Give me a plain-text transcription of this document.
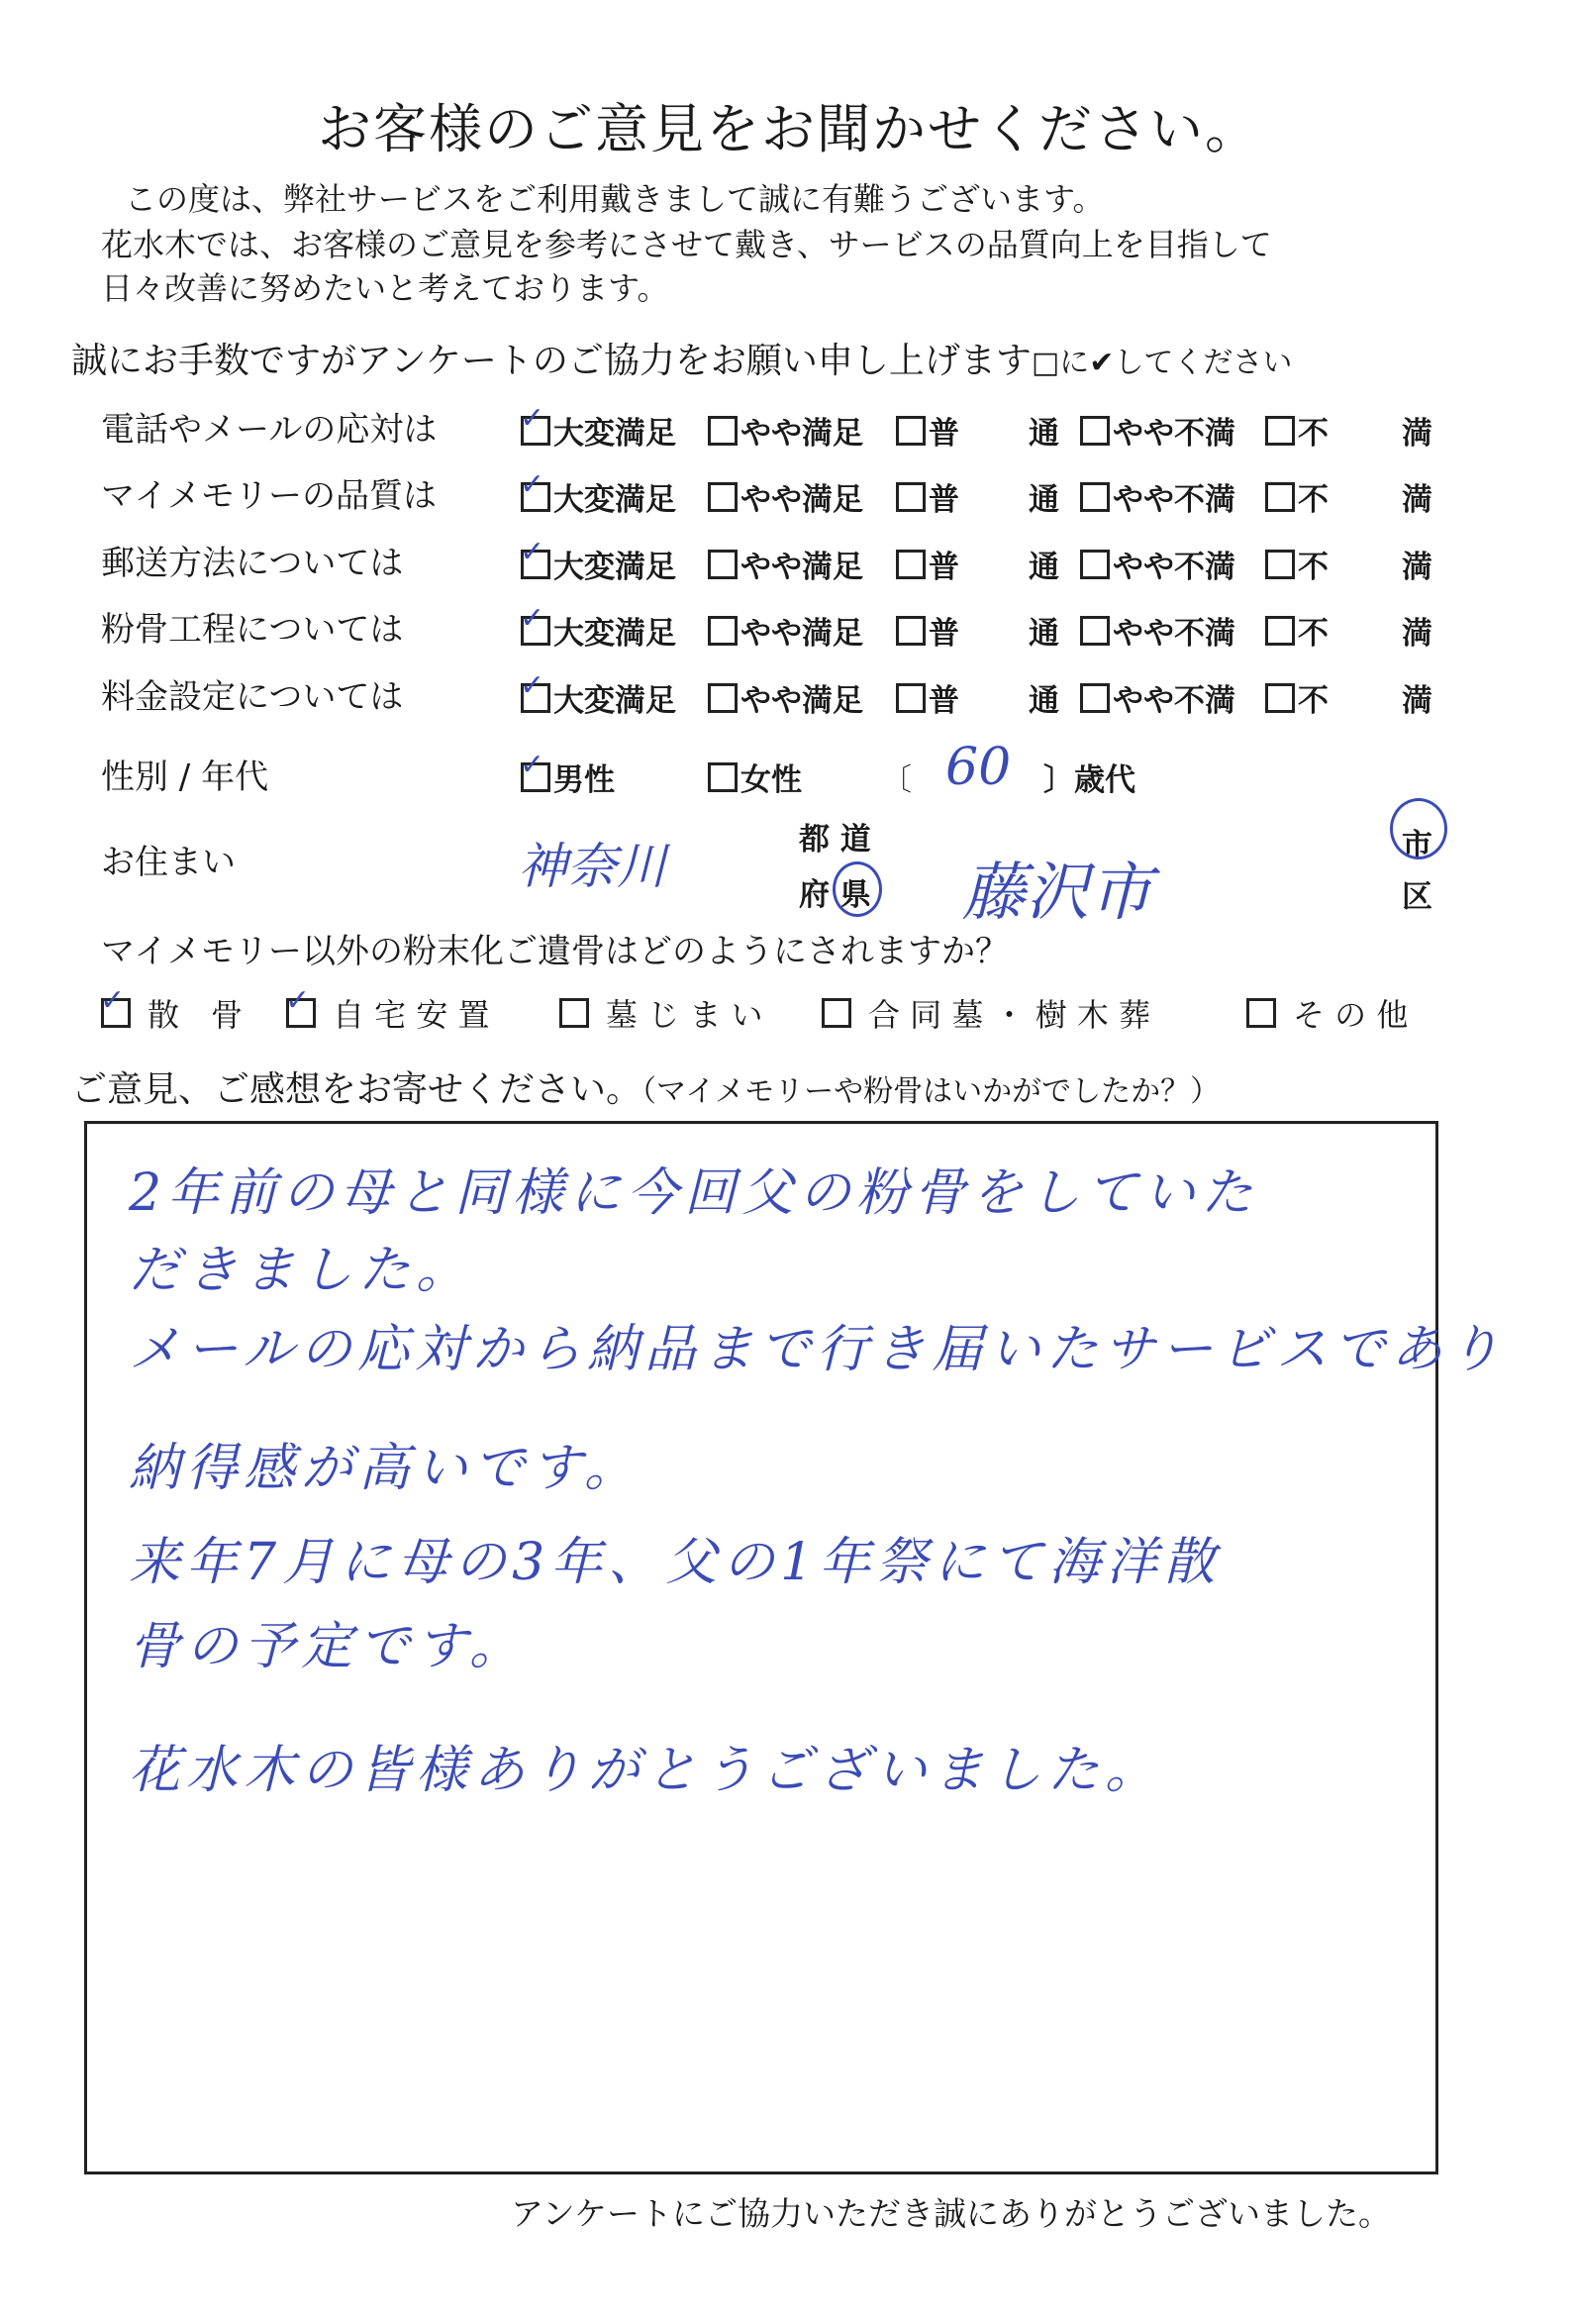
お客様のご意見をお聞かせください。
この度は、弊社サービスをご利用戴きまして誠に有難うございます。
花水木では、お客様のご意見を参考にさせて戴き、サービスの品質向上を目指して
日々改善に努めたいと考えております。
誠にお手数ですがアンケートのご協力をお願い申し上げます□に✔してください
電話やメールの応対は	✓ 大変満足 やや満足 普 通 やや不満 不 満
マイメモリーの品質は	✓ 大変満足 やや満足 普 通 やや不満 不 満
郵送方法については	✓ 大変満足 やや満足 普 通 やや不満 不 満
粉骨工程については	✓ 大変満足 やや満足 普 通 やや不満 不 満
料金設定については	✓ 大変満足 やや満足 普 通 やや不満 不 満
性別 / 年代	✓ 男性	女性	〔 60 〕歳代
お住まい	神奈川	都 道
府
県 藤沢市
市
区
マイメモリー以外の粉末化ご遺骨はどのようにされますか？
✓ 散　骨 ✓ 自 宅 安 置	墓 じ ま い	合 同 墓 ・ 樹 木 葬	そ の 他
ご意見、ご感想をお寄せください。（マイメモリーや粉骨はいかがでしたか？）
2年前の母と同様に今回父の粉骨をしていた
だきました。
メールの応対から納品まで行き届いたサービスであり
納得感が高いです。
来年7月に母の3年、父の1年祭にて海洋散
骨の予定です。
花水木の皆様ありがとうございました。
アンケートにご協力いただき誠にありがとうございました。
